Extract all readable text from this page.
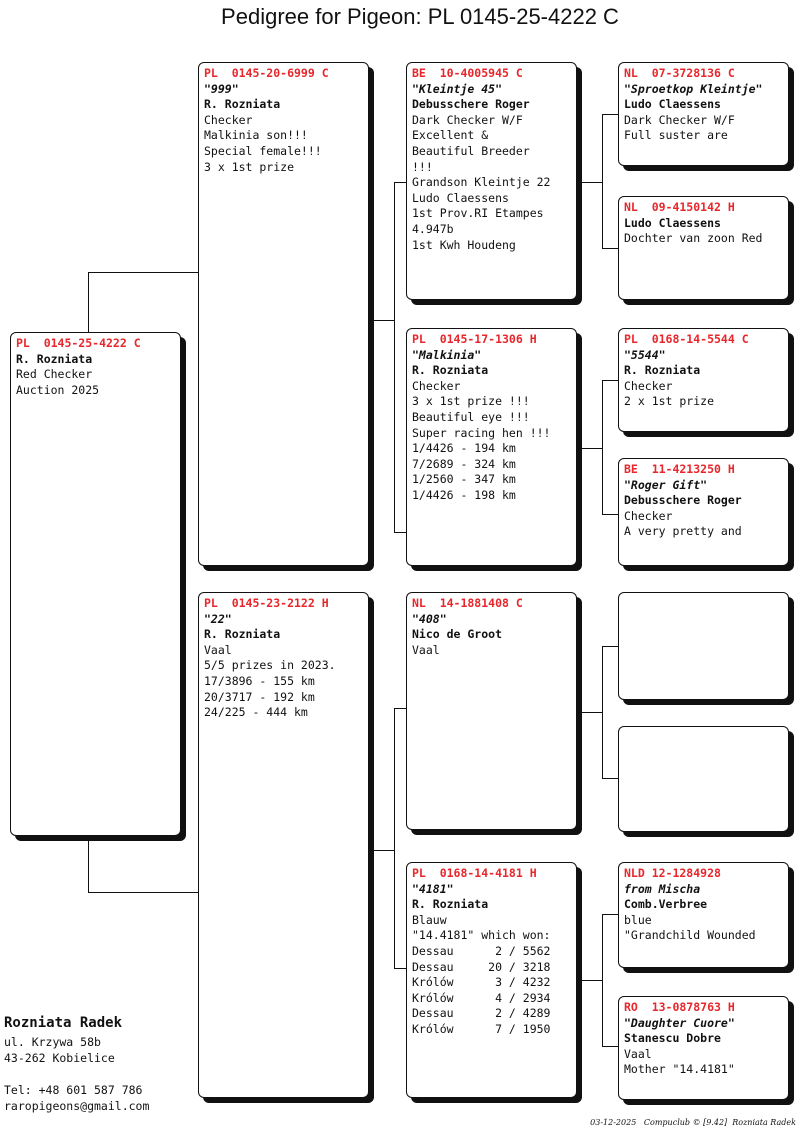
Pedigree for Pigeon: PL 0145-25-4222 C
PL  0145-25-4222 C
R. Rozniata
Red Checker
Auction 2025
PL  0145-20-6999 C
"999"
R. Rozniata
Checker
Malkinia son!!!
Special female!!!
3 x 1st prize
PL  0145-23-2122 H
"22"
R. Rozniata
Vaal
5/5 prizes in 2023.
17/3896 - 155 km
20/3717 - 192 km
24/225 - 444 km
BE  10-4005945 C
"Kleintje 45"
Debusschere Roger
Dark Checker W/F
Excellent &
Beautiful Breeder
!!!
Grandson Kleintje 22
Ludo Claessens
1st Prov.RI Etampes
4.947b
1st Kwh Houdeng
PL  0145-17-1306 H
"Malkinia"
R. Rozniata
Checker
3 x 1st prize !!!
Beautiful eye !!!
Super racing hen !!!
1/4426 - 194 km
7/2689 - 324 km
1/2560 - 347 km
1/4426 - 198 km
NL  14-1881408 C
"408"
Nico de Groot
Vaal
PL  0168-14-4181 H
"4181"
R. Rozniata
Blauw
"14.4181" which won:
Dessau      2 / 5562
Dessau     20 / 3218
Królów      3 / 4232
Królów      4 / 2934
Dessau      2 / 4289
Królów      7 / 1950
NL  07-3728136 C
"Sproetkop Kleintje"
Ludo Claessens
Dark Checker W/F
Full suster are
NL  09-4150142 H
Ludo Claessens
Dochter van zoon Red
PL  0168-14-5544 C
"5544"
R. Rozniata
Checker
2 x 1st prize
BE  11-4213250 H
"Roger Gift"
Debusschere Roger
Checker
A very pretty and
NLD 12-1284928
from Mischa
Comb.Verbree
blue
"Grandchild Wounded
RO  13-0878763 H
"Daughter Cuore"
Stanescu Dobre
Vaal
Mother "14.4181"
Rozniata Radek
ul. Krzywa 58b
43-262 Kobielice
Tel: +48 601 587 786
raropigeons@gmail.com
03-12-2025   Compuclub © [9.42]  Rozniata Radek
